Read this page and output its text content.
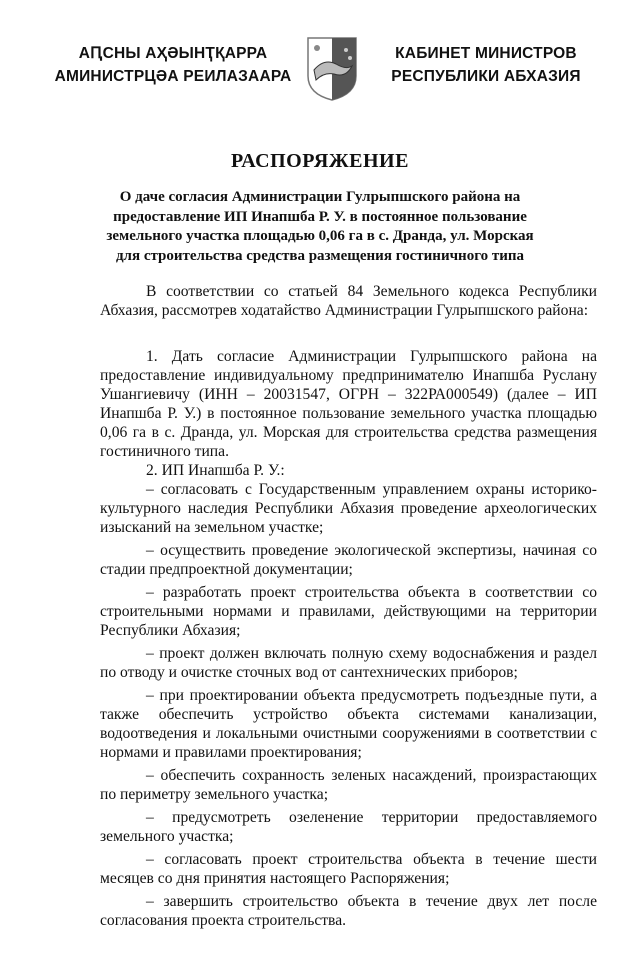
АԤСНЫ АҲӘЫНҬҚАРРА
АМИНИСТРЦӘА РЕИЛАЗААРА
КАБИНЕТ МИНИСТРОВ
РЕСПУБЛИКИ АБХАЗИЯ
РАСПОРЯЖЕНИЕ
О даче согласия Администрации Гулрыпшского района на предоставление ИП Инапшба Р. У. в постоянное пользование земельного участка площадью 0,06 га в с. Дранда, ул. Морская для строительства средства размещения гостиничного типа

В соответствии со статьей 84 Земельного кодекса Республики Абхазия, рассмотрев ходатайство Администрации Гулрыпшского района:

1. Дать согласие Администрации Гулрыпшского района на предоставление индивидуальному предпринимателю Инапшба Руслану Ушангиевичу (ИНН – 20031547, ОГРН – 322РА000549) (далее – ИП Инапшба Р. У.) в постоянное пользование земельного участка площадью 0,06 га в с. Дранда, ул. Морская для строительства средства размещения гостиничного типа.

2. ИП Инапшба Р. У.:

– согласовать с Государственным управлением охраны историко-культурного наследия Республики Абхазия проведение археологических изысканий на земельном участке;

– осуществить проведение экологической экспертизы, начиная со стадии предпроектной документации;

– разработать проект строительства объекта в соответствии со строительными нормами и правилами, действующими на территории Республики Абхазия;

– проект должен включать полную схему водоснабжения и раздел по отводу и очистке сточных вод от сантехнических приборов;

– при проектировании объекта предусмотреть подъездные пути, а также обеспечить устройство объекта системами канализации, водоотведения и локальными очистными сооружениями в соответствии с нормами и правилами проектирования;

– обеспечить сохранность зеленых насаждений, произрастающих по периметру земельного участка;

– предусмотреть озеленение территории предоставляемого земельного участка;

– согласовать проект строительства объекта в течение шести месяцев со дня принятия настоящего Распоряжения;

– завершить строительство объекта в течение двух лет после согласования проекта строительства.
